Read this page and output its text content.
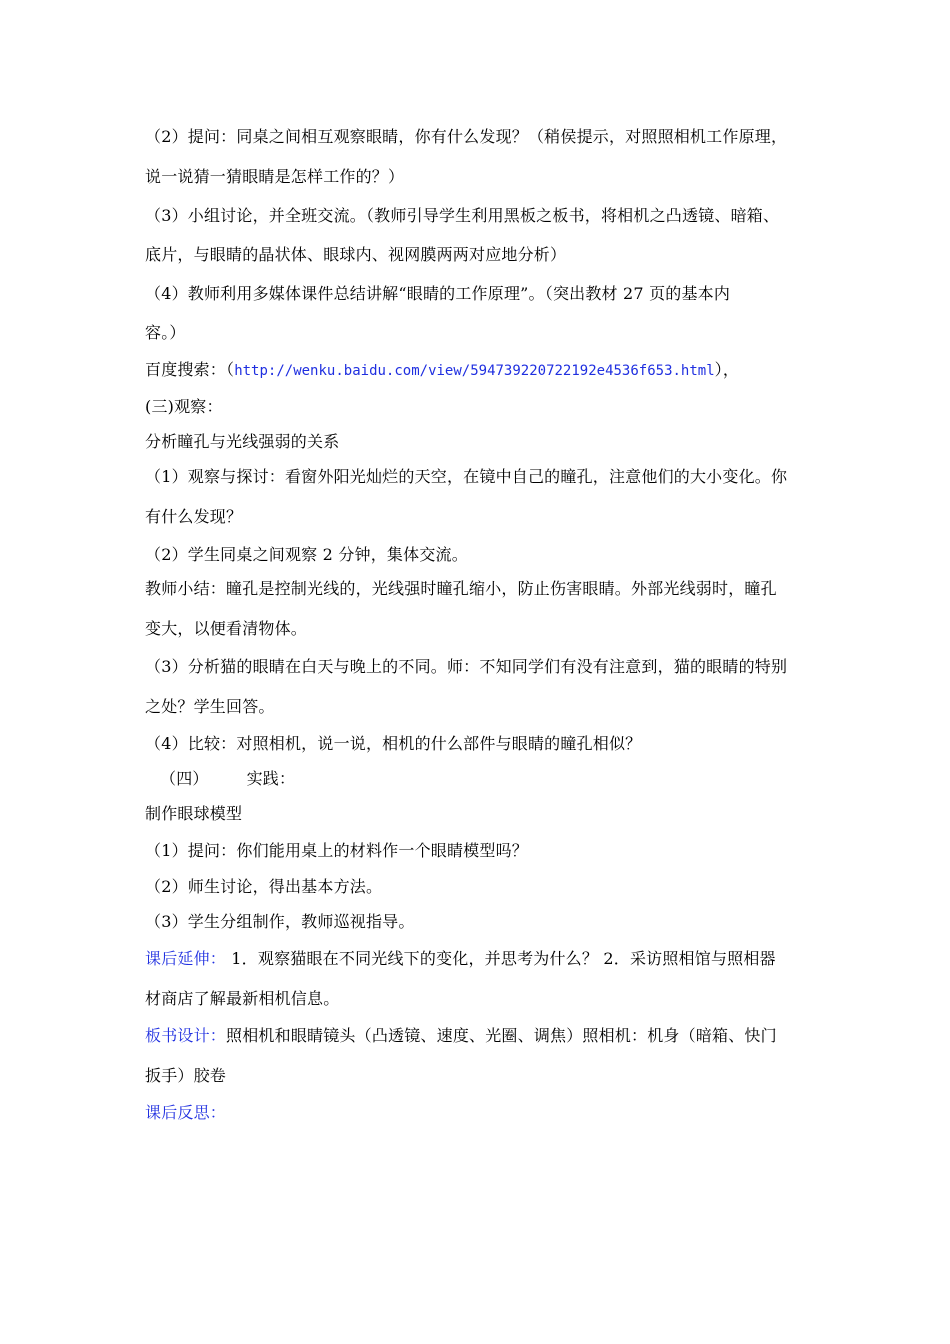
（2）提问：同桌之间相互观察眼睛，你有什么发现？（稍侯提示，对照照相机工作原理，
说一说猜一猜眼睛是怎样工作的？）
（3）小组讨论，并全班交流。（教师引导学生利用黑板之板书，将相机之凸透镜、暗箱、
底片，与眼睛的晶状体、眼球内、视网膜两两对应地分析）
（4）教师利用多媒体课件总结讲解“眼睛的工作原理”。（突出教材 27 页的基本内
容。）
百度搜索：（http://wenku.baidu.com/view/594739220722192e4536f653.html），
(三)观察：
分析瞳孔与光线强弱的关系
（1）观察与探讨：看窗外阳光灿烂的天空，在镜中自己的瞳孔，注意他们的大小变化。你
有什么发现？
（2）学生同桌之间观察 2 分钟，集体交流。
教师小结：瞳孔是控制光线的，光线强时瞳孔缩小，防止伤害眼睛。外部光线弱时，瞳孔
变大，以便看清物体。
（3）分析猫的眼睛在白天与晚上的不同。师：不知同学们有没有注意到，猫的眼睛的特别
之处？学生回答。
（4）比较：对照相机，说一说，相机的什么部件与眼睛的瞳孔相似？
（四） 实践：
制作眼球模型
（1）提问：你们能用桌上的材料作一个眼睛模型吗？
（2）师生讨论，得出基本方法。
（3）学生分组制作，教师巡视指导。
课后延伸： 1．观察猫眼在不同光线下的变化，并思考为什么？ 2．采访照相馆与照相器
材商店了解最新相机信息。
板书设计：照相机和眼睛镜头（凸透镜、速度、光圈、调焦）照相机：机身（暗箱、快门
扳手）胶卷
课后反思：
